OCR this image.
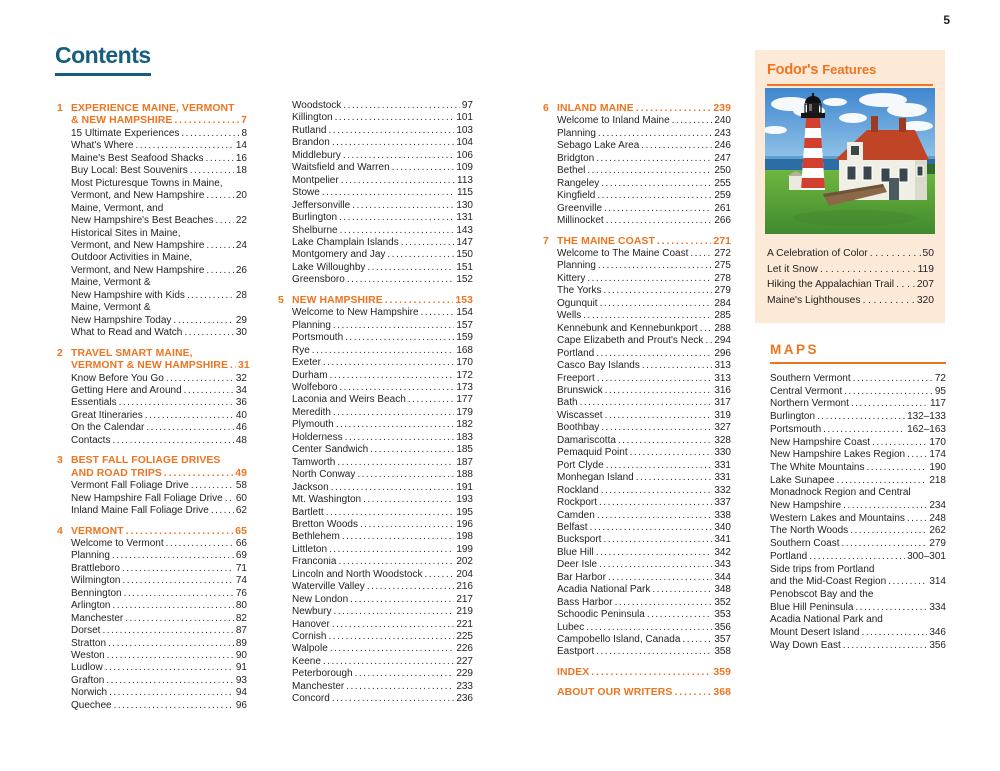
5
Contents
1 EXPERIENCE MAINE, VERMONT
& NEW HAMPSHIRE .....	7
15 Ultimate Experiences .....	8
What's Where .....	14
Maine's Best Seafood Shacks .....	16
Buy Local: Best Souvenirs .....	18
Most Picturesque Towns in Maine,
Vermont, and New Hampshire .....	20
Maine, Vermont, and
New Hampshire's Best Beaches ..... 22
Historical Sites in Maine,
Vermont, and New Hampshire .....	24
Outdoor Activities in Maine,
Vermont, and New Hampshire .....	26
Maine, Vermont &
New Hampshire with Kids .....	28
Maine, Vermont &
New Hampshire Today .....	29
What to Read and Watch .....	30
2 TRAVEL SMART MAINE,
VERMONT & NEW HAMPSHIRE ..... 31
Know Before You Go .....	32
Getting Here and Around .....	34
Essentials .....	36
Great Itineraries .....	40
On the Calendar .....	46
Contacts .....	48
3 BEST FALL FOLIAGE DRIVES
AND ROAD TRIPS .....	49
Vermont Fall Foliage Drive .....	58
New Hampshire Fall Foliage Drive ..... 60
Inland Maine Fall Foliage Drive .....	62
4 VERMONT .....	65
Welcome to Vermont .....	66
Planning .....	69
Brattleboro .....	71
Wilmington .....	74
Bennington .....	76
Arlington .....	80
Manchester .....	82
Dorset .....	87
Stratton .....	89
Weston .....	90
Ludlow .....	91
Grafton .....	93
Norwich .....	94
Quechee .....	96
Woodstock .....	97
Killington .....	101
Rutland .....	103
Brandon .....	104
Middlebury .....	106
Waitsfield and Warren .....	109
Montpelier .....	113
Stowe .....	115
Jeffersonville .....	130
Burlington .....	131
Shelburne .....	143
Lake Champlain Islands .....	147
Montgomery and Jay .....	150
Lake Willoughby .....	151
Greensboro .....	152
5 NEW HAMPSHIRE .....	153
Welcome to New Hampshire .....	154
Planning .....	157
Portsmouth .....	159
Rye .....	168
Exeter .....	170
Durham .....	172
Wolfeboro .....	173
Laconia and Weirs Beach .....	177
Meredith .....	179
Plymouth .....	182
Holderness .....	183
Center Sandwich .....	185
Tamworth .....	187
North Conway .....	188
Jackson .....	191
Mt. Washington .....	193
Bartlett .....	195
Bretton Woods .....	196
Bethlehem .....	198
Littleton .....	199
Franconia .....	202
Lincoln and North Woodstock .....	204
Waterville Valley .....	216
New London .....	217
Newbury .....	219
Hanover .....	221
Cornish .....	225
Walpole .....	226
Keene .....	227
Peterborough .....	229
Manchester .....	233
Concord .....	236
6 INLAND MAINE .....	239
Welcome to Inland Maine .....	240
Planning .....	243
Sebago Lake Area .....	246
Bridgton .....	247
Bethel .....	250
Rangeley .....	255
Kingfield .....	259
Greenville .....	261
Millinocket .....	266
7 THE MAINE COAST .....	271
Welcome to The Maine Coast .....	272
Planning .....	275
Kittery .....	278
The Yorks .....	279
Ogunquit .....	284
Wells .....	285
Kennebunk and Kennebunkport ..... 288
Cape Elizabeth and Prout's Neck ..... 294
Portland .....	296
Casco Bay Islands .....	313
Freeport .....	313
Brunswick .....	316
Bath .....	317
Wiscasset .....	319
Boothbay .....	327
Damariscotta .....	328
Pemaquid Point .....	330
Port Clyde .....	331
Monhegan Island .....	331
Rockland .....	332
Rockport .....	337
Camden .....	338
Belfast .....	340
Bucksport .....	341
Blue Hill .....	342
Deer Isle .....	343
Bar Harbor .....	344
Acadia National Park .....	348
Bass Harbor .....	352
Schoodic Peninsula .....	353
Lubec .....	356
Campobello Island, Canada .....	357
Eastport .....	358
INDEX .....	359
ABOUT OUR WRITERS .....	368
Fodor's Features
A Celebration of Color .....	50
Let it Snow .....	119
Hiking the Appalachian Trail ..... 207
Maine's Lighthouses .....	320
MAPS
Southern Vermont .....	72
Central Vermont .....	95
Northern Vermont .....	117
Burlington .....	132–133
Portsmouth .....	162–163
New Hampshire Coast .....	170
New Hampshire Lakes Region ..... 174
The White Mountains .....	190
Lake Sunapee .....	218
Monadnock Region and Central
New Hampshire .....	234
Western Lakes and Mountains ..... 248
The North Woods .....	262
Southern Coast .....	279
Portland .....	300–301
Side trips from Portland
and the Mid-Coast Region .....	314
Penobscot Bay and the
Blue Hill Peninsula .....	334
Acadia National Park and
Mount Desert Island .....	346
Way Down East .....	356
